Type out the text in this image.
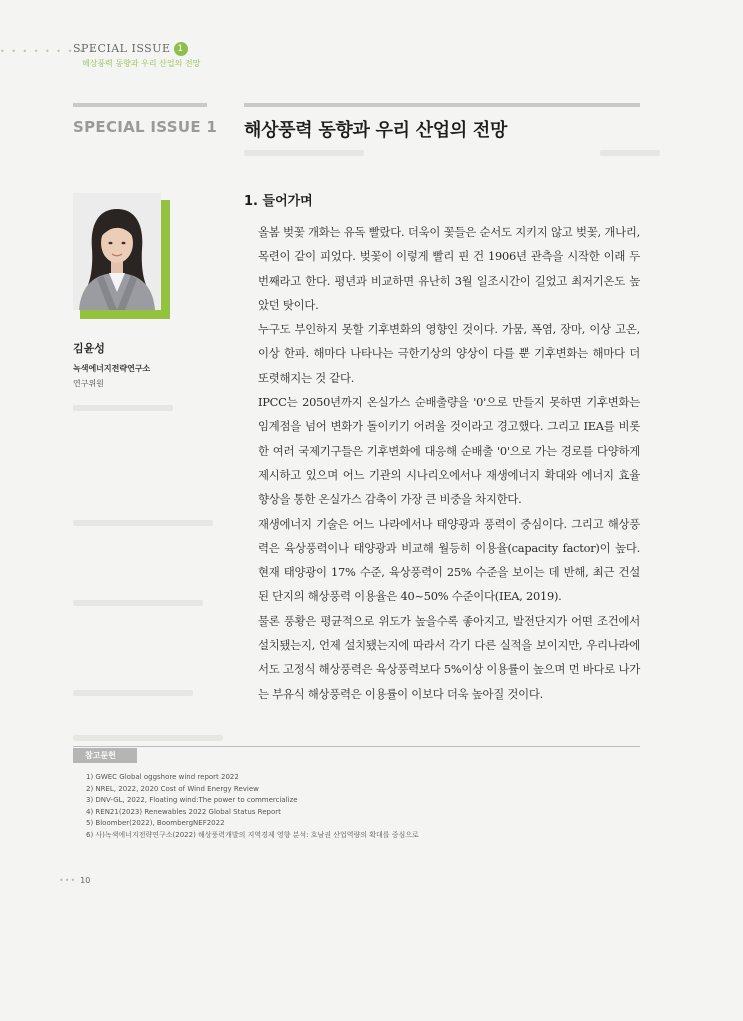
• • • • • • • • •
SPECIAL ISSUE 1
해상풍력 동향과 우리 산업의 전망
SPECIAL ISSUE 1 해상풍력 동향과 우리 산업의 전망
김윤성
녹색에너지전략연구소
연구위원
1. 들어가며

올봄 벚꽃 개화는 유독 빨랐다. 더욱이 꽃들은 순서도 지키지 않고 벚꽃, 개나리, 목련이 같이 피었다. 벚꽃이 이렇게 빨리 핀 건 1906년 관측을 시작한 이래 두 번째라고 한다. 평년과 비교하면 유난히 3월 일조시간이 길었고 최저기온도 높았던 탓이다.

누구도 부인하지 못할 기후변화의 영향인 것이다. 가뭄, 폭염, 장마, 이상 고온, 이상 한파. 해마다 나타나는 극한기상의 양상이 다를 뿐 기후변화는 해마다 더 또렷해지는 것 같다.

IPCC는 2050년까지 온실가스 순배출량을 '0'으로 만들지 못하면 기후변화는 임계점을 넘어 변화가 돌이키기 어려울 것이라고 경고했다. 그리고 IEA를 비롯한 여러 국제기구들은 기후변화에 대응해 순배출 '0'으로 가는 경로를 다양하게 제시하고 있으며 어느 기관의 시나리오에서나 재생에너지 확대와 에너지 효율 향상을 통한 온실가스 감축이 가장 큰 비중을 차지한다.

재생에너지 기술은 어느 나라에서나 태양광과 풍력이 중심이다. 그리고 해상풍력은 육상풍력이나 태양광과 비교해 월등히 이용율(capacity factor)이 높다. 현재 태양광이 17% 수준, 육상풍력이 25% 수준을 보이는 데 반해, 최근 건설된 단지의 해상풍력 이용율은 40~50% 수준이다(IEA, 2019).

물론 풍황은 평균적으로 위도가 높을수록 좋아지고, 발전단지가 어떤 조건에서 설치됐는지, 언제 설치됐는지에 따라서 각기 다른 실적을 보이지만, 우리나라에서도 고정식 해상풍력은 육상풍력보다 5%이상 이용률이 높으며 먼 바다로 나가는 부유식 해상풍력은 이용률이 이보다 더욱 높아질 것이다.

참고문헌
1) GWEC Global oggshore wind report 2022
2) NREL, 2022, 2020 Cost of Wind Energy Review
3) DNV-GL, 2022, Floating wind:The power to commercialize
4) REN21(2023) Renewables 2022 Global Status Report
5) Bloomber(2022), BoombergNEF2022
6) 사)녹색에너지전략연구소(2022) 해상풍력개발의 지역경제 영향 분석: 호남권 산업역량의 확대를 중심으로
••• 10
